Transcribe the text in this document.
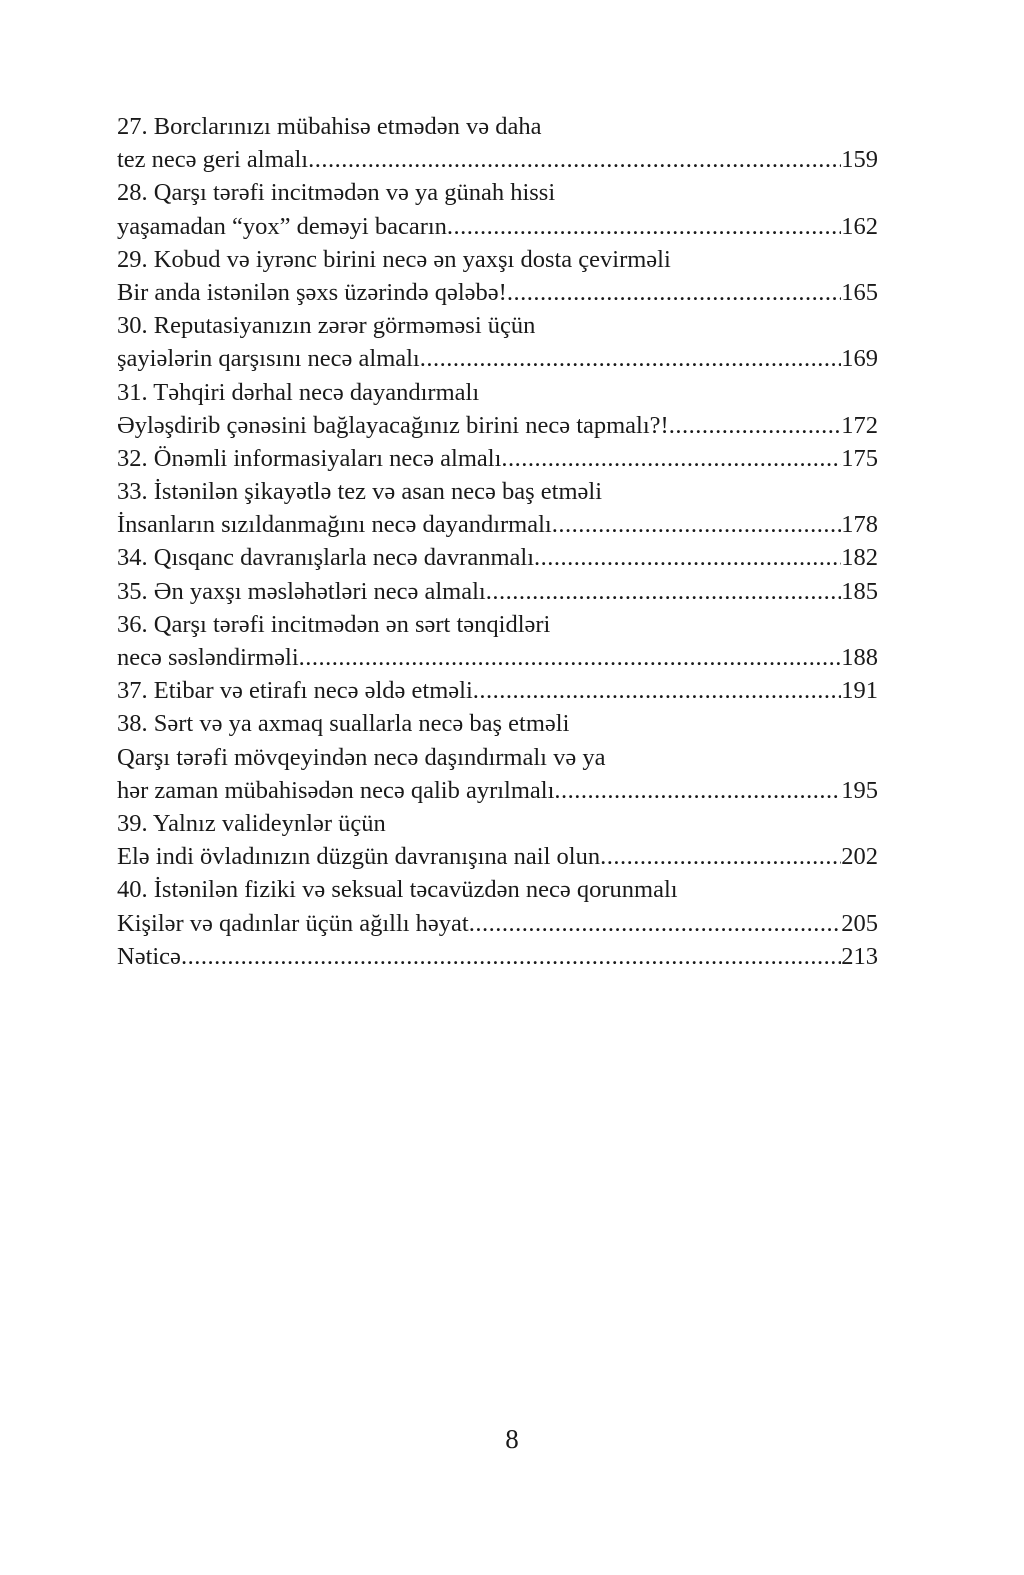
27. Borclarınızı mübahisə etmədən və daha
tez necə geri almalı .....	159
28. Qarşı tərəfi incitmədən və ya günah hissi
yaşamadan “yox” deməyi bacarın .....	162
29. Kobud və iyrənc birini necə ən yaxşı dosta çevirməli
Bir anda istənilən şəxs üzərində qələbə! .....	165
30. Reputasiyanızın zərər görməməsi üçün
şayiələrin qarşısını necə almalı .....	169
31. Təhqiri dərhal necə dayandırmalı
Əyləşdirib çənəsini bağlayacağınız birini necə tapmalı?! .....	172
32. Önəmli informasiyaları necə almalı .....	175
33. İstənilən şikayətlə tez və asan necə baş etməli
İnsanların sızıldanmağını necə dayandırmalı .....	178
34. Qısqanc davranışlarla necə davranmalı .....	182
35. Ən yaxşı məsləhətləri necə almalı .....	185
36. Qarşı tərəfi incitmədən ən sərt tənqidləri
necə səsləndirməli .....	188
37. Etibar və etirafı necə əldə etməli .....	191
38. Sərt və ya axmaq suallarla necə baş etməli
Qarşı tərəfi mövqeyindən necə daşındırmalı və ya
hər zaman mübahisədən necə qalib ayrılmalı .....	195
39. Yalnız valideynlər üçün
Elə indi övladınızın düzgün davranışına nail olun .....	202
40. İstənilən fiziki və seksual təcavüzdən necə qorunmalı
Kişilər və qadınlar üçün ağıllı həyat .....	205
Nəticə .....	213
8
